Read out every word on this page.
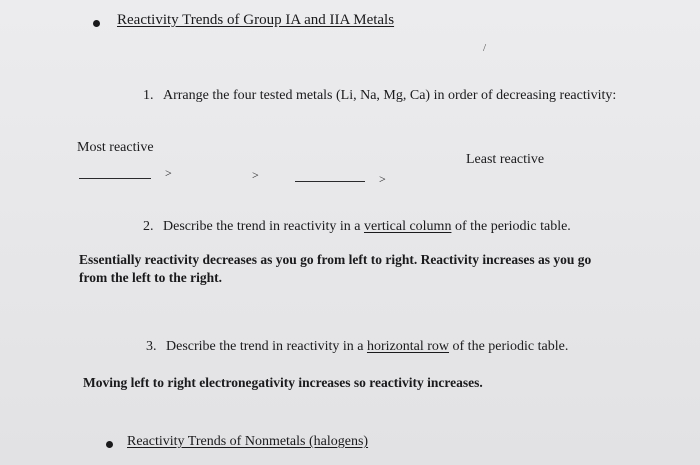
Reactivity Trends of Group IA and IIA Metals
/
1. Arrange the four tested metals (Li, Na, Mg, Ca) in order of decreasing reactivity:
Most reactive
Least reactive
>	>	>
2. Describe the trend in reactivity in a vertical column of the periodic table.
Essentially reactivity decreases as you go from left to right. Reactivity increases as you go
from the left to the right.
3. Describe the trend in reactivity in a horizontal row of the periodic table.
Moving left to right electronegativity increases so reactivity increases.
Reactivity Trends of Nonmetals (halogens)
